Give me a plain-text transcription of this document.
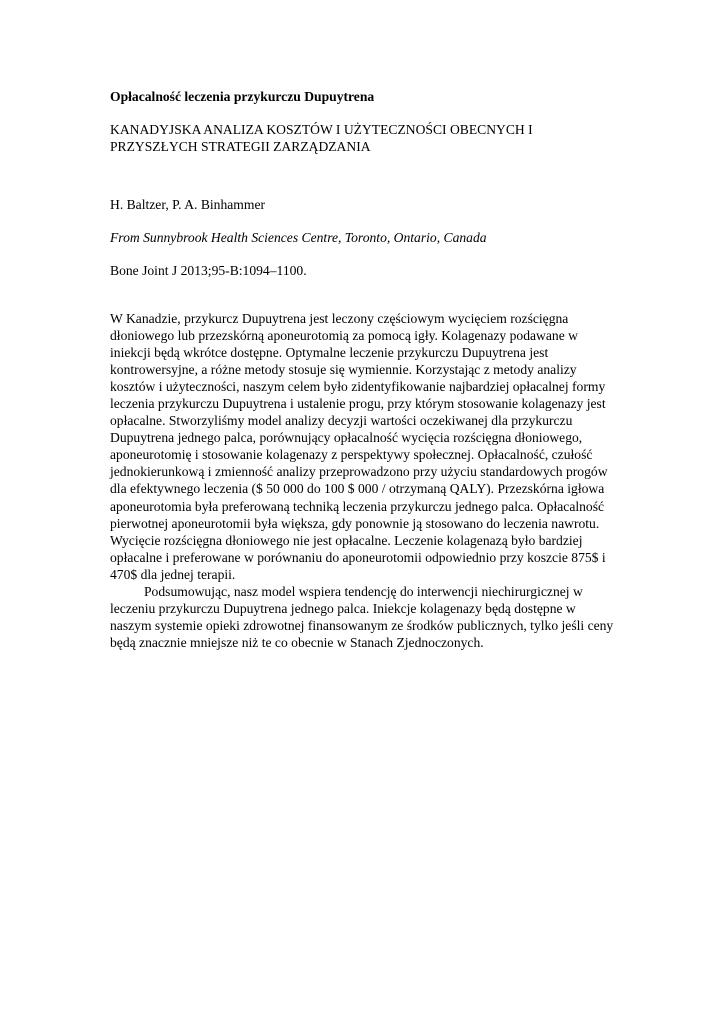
Opłacalność leczenia przykurczu Dupuytrena

KANADYJSKA ANALIZA KOSZTÓW I UŻYTECZNOŚCI OBECNYCH I PRZYSZŁYCH STRATEGII ZARZĄDZANIA

H. Baltzer, P. A. Binhammer

From Sunnybrook Health Sciences Centre, Toronto, Ontario, Canada

Bone Joint J 2013;95-B:1094–1100.

W Kanadzie, przykurcz Dupuytrena jest leczony częściowym wycięciem rozścięgna dłoniowego lub przezskórną aponeurotomią za pomocą igły. Kolagenazy podawane w iniekcji będą wkrótce dostępne. Optymalne leczenie przykurczu Dupuytrena jest kontrowersyjne, a różne metody stosuje się wymiennie. Korzystając z metody analizy kosztów i użyteczności, naszym celem było zidentyfikowanie najbardziej opłacalnej formy leczenia przykurczu Dupuytrena i ustalenie progu, przy którym stosowanie kolagenazy jest opłacalne. Stworzyliśmy model analizy decyzji wartości oczekiwanej dla przykurczu Dupuytrena jednego palca, porównujący opłacalność wycięcia rozścięgna dłoniowego, aponeurotomię i stosowanie kolagenazy z perspektywy społecznej. Opłacalność, czułość jednokierunkową i zmienność analizy przeprowadzono przy użyciu standardowych progów dla efektywnego leczenia ($ 50 000 do 100 $ 000 / otrzymaną QALY). Przezskórna igłowa aponeurotomia była preferowaną techniką leczenia przykurczu jednego palca. Opłacalność pierwotnej aponeurotomii była większa, gdy ponownie ją stosowano do leczenia nawrotu. Wycięcie rozścięgna dłoniowego nie jest opłacalne. Leczenie kolagenazą było bardziej opłacalne i preferowane w porównaniu do aponeurotomii odpowiednio przy koszcie 875$ i 470$ dla jednej terapii.

Podsumowując, nasz model wspiera tendencję do interwencji niechirurgicznej w leczeniu przykurczu Dupuytrena jednego palca. Iniekcje kolagenazy będą dostępne w naszym systemie opieki zdrowotnej finansowanym ze środków publicznych, tylko jeśli ceny będą znacznie mniejsze niż te co obecnie w Stanach Zjednoczonych.
